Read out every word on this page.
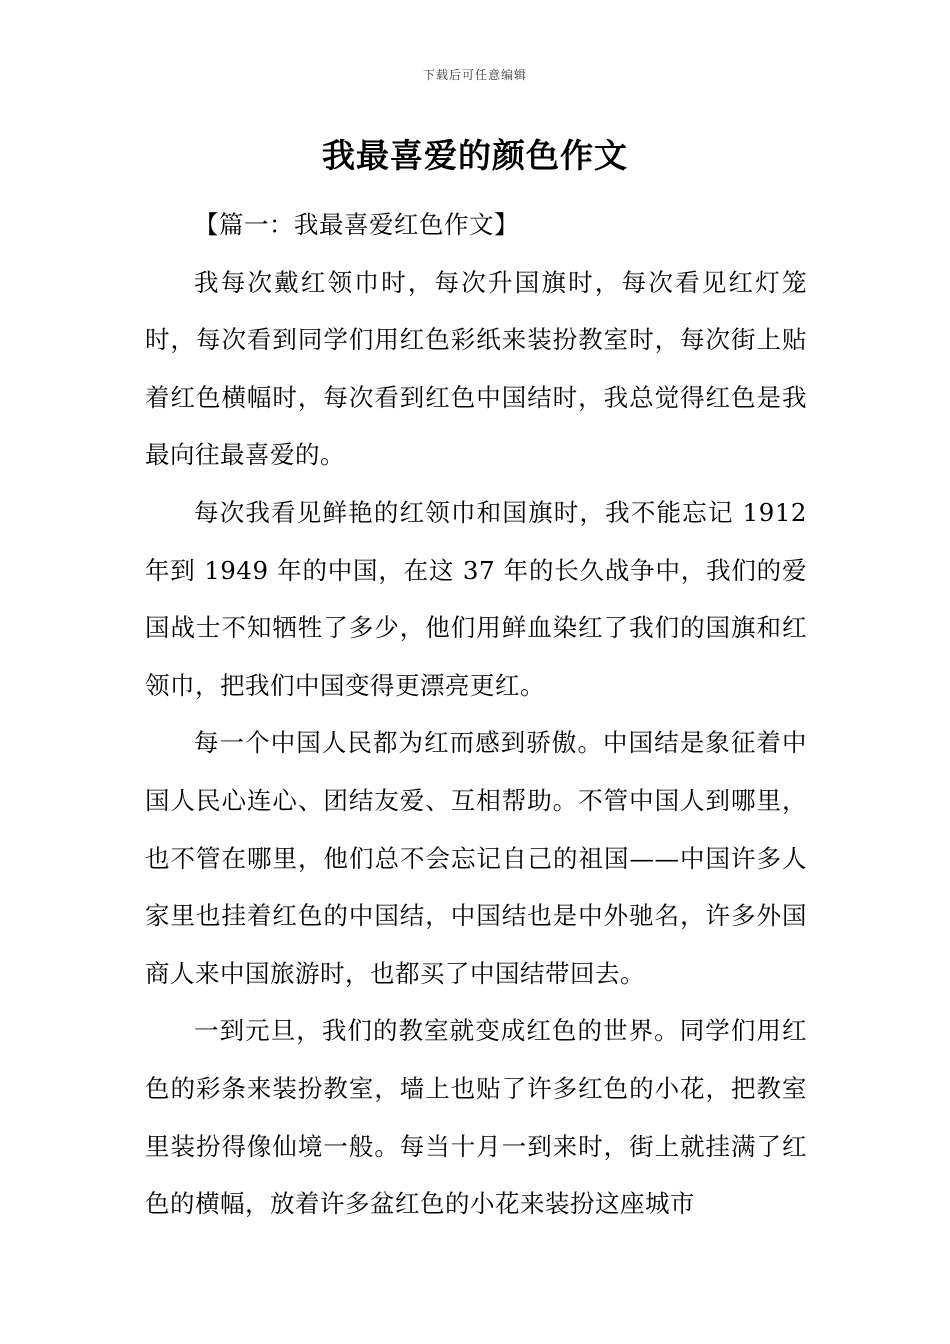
下载后可任意编辑
我最喜爱的颜色作文

【篇一：我最喜爱红色作文】

我每次戴红领巾时，每次升国旗时，每次看见红灯笼时，每次看到同学们用红色彩纸来装扮教室时，每次街上贴着红色横幅时，每次看到红色中国结时，我总觉得红色是我最向往最喜爱的。

每次我看见鲜艳的红领巾和国旗时，我不能忘记 1912 年到 1949 年的中国，在这 37 年的长久战争中，我们的爱国战士不知牺牲了多少，他们用鲜血染红了我们的国旗和红领巾，把我们中国变得更漂亮更红。

每一个中国人民都为红而感到骄傲。中国结是象征着中国人民心连心、团结友爱、互相帮助。不管中国人到哪里，也不管在哪里，他们总不会忘记自己的祖国——中国许多人家里也挂着红色的中国结，中国结也是中外驰名，许多外国商人来中国旅游时，也都买了中国结带回去。

一到元旦，我们的教室就变成红色的世界。同学们用红色的彩条来装扮教室，墙上也贴了许多红色的小花，把教室里装扮得像仙境一般。每当十月一到来时，街上就挂满了红色的横幅，放着许多盆红色的小花来装扮这座城市
